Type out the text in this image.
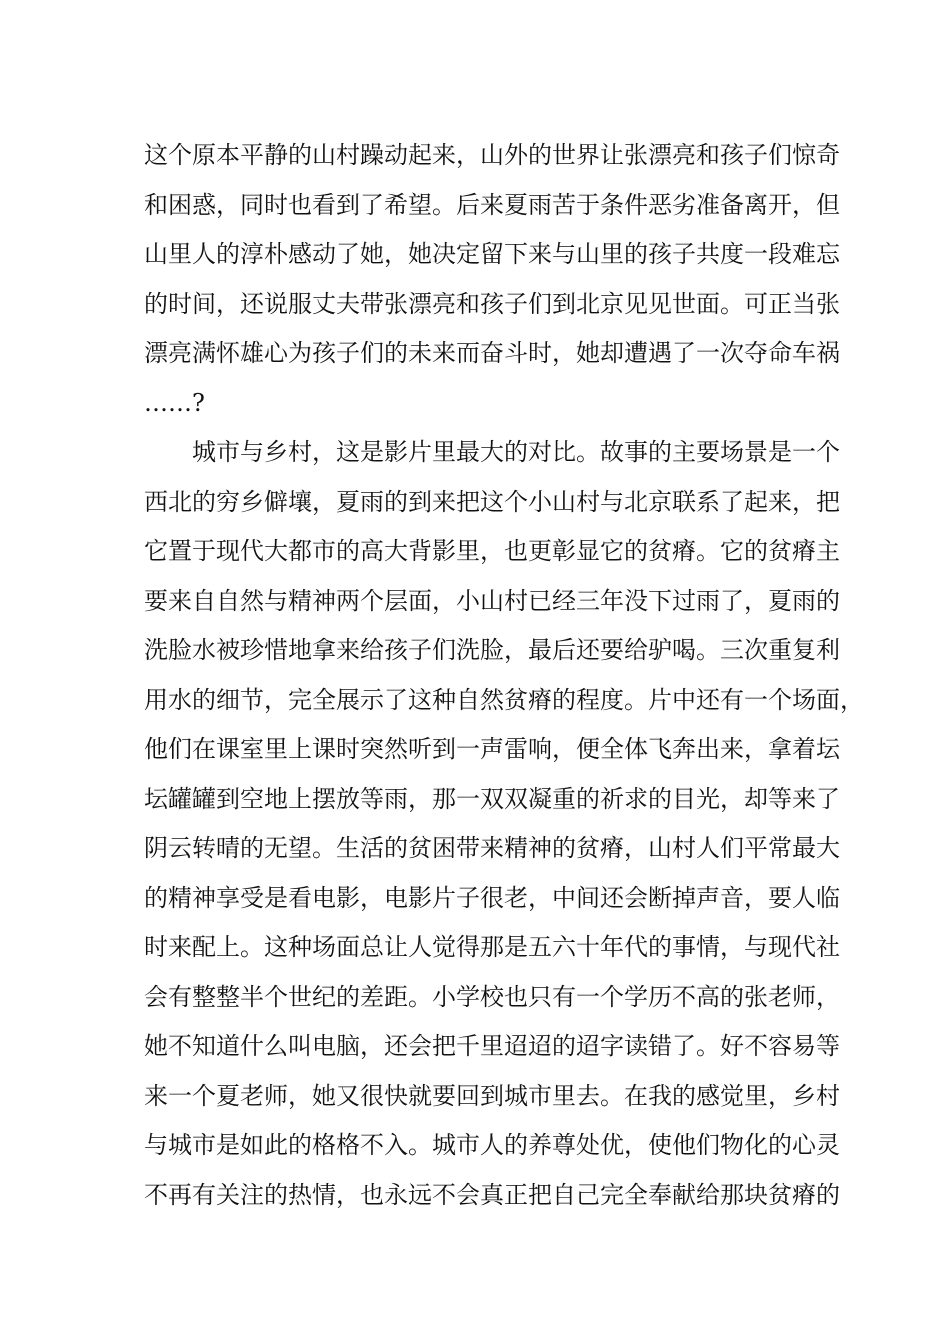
这个原本平静的山村躁动起来，山外的世界让张漂亮和孩子们惊奇
和困惑，同时也看到了希望。后来夏雨苦于条件恶劣准备离开，但
山里人的淳朴感动了她，她决定留下来与山里的孩子共度一段难忘
的时间，还说服丈夫带张漂亮和孩子们到北京见见世面。可正当张
漂亮满怀雄心为孩子们的未来而奋斗时，她却遭遇了一次夺命车祸
……?
城市与乡村，这是影片里最大的对比。故事的主要场景是一个
西北的穷乡僻壤，夏雨的到来把这个小山村与北京联系了起来，把
它置于现代大都市的高大背影里，也更彰显它的贫瘠。它的贫瘠主
要来自自然与精神两个层面，小山村已经三年没下过雨了，夏雨的
洗脸水被珍惜地拿来给孩子们洗脸，最后还要给驴喝。三次重复利
用水的细节，完全展示了这种自然贫瘠的程度。片中还有一个场面，
他们在课室里上课时突然听到一声雷响，便全体飞奔出来，拿着坛
坛罐罐到空地上摆放等雨，那一双双凝重的祈求的目光，却等来了
阴云转晴的无望。生活的贫困带来精神的贫瘠，山村人们平常最大
的精神享受是看电影，电影片子很老，中间还会断掉声音，要人临
时来配上。这种场面总让人觉得那是五六十年代的事情，与现代社
会有整整半个世纪的差距。小学校也只有一个学历不高的张老师，
她不知道什么叫电脑，还会把千里迢迢的迢字读错了。好不容易等
来一个夏老师，她又很快就要回到城市里去。在我的感觉里，乡村
与城市是如此的格格不入。城市人的养尊处优，使他们物化的心灵
不再有关注的热情，也永远不会真正把自己完全奉献给那块贫瘠的
